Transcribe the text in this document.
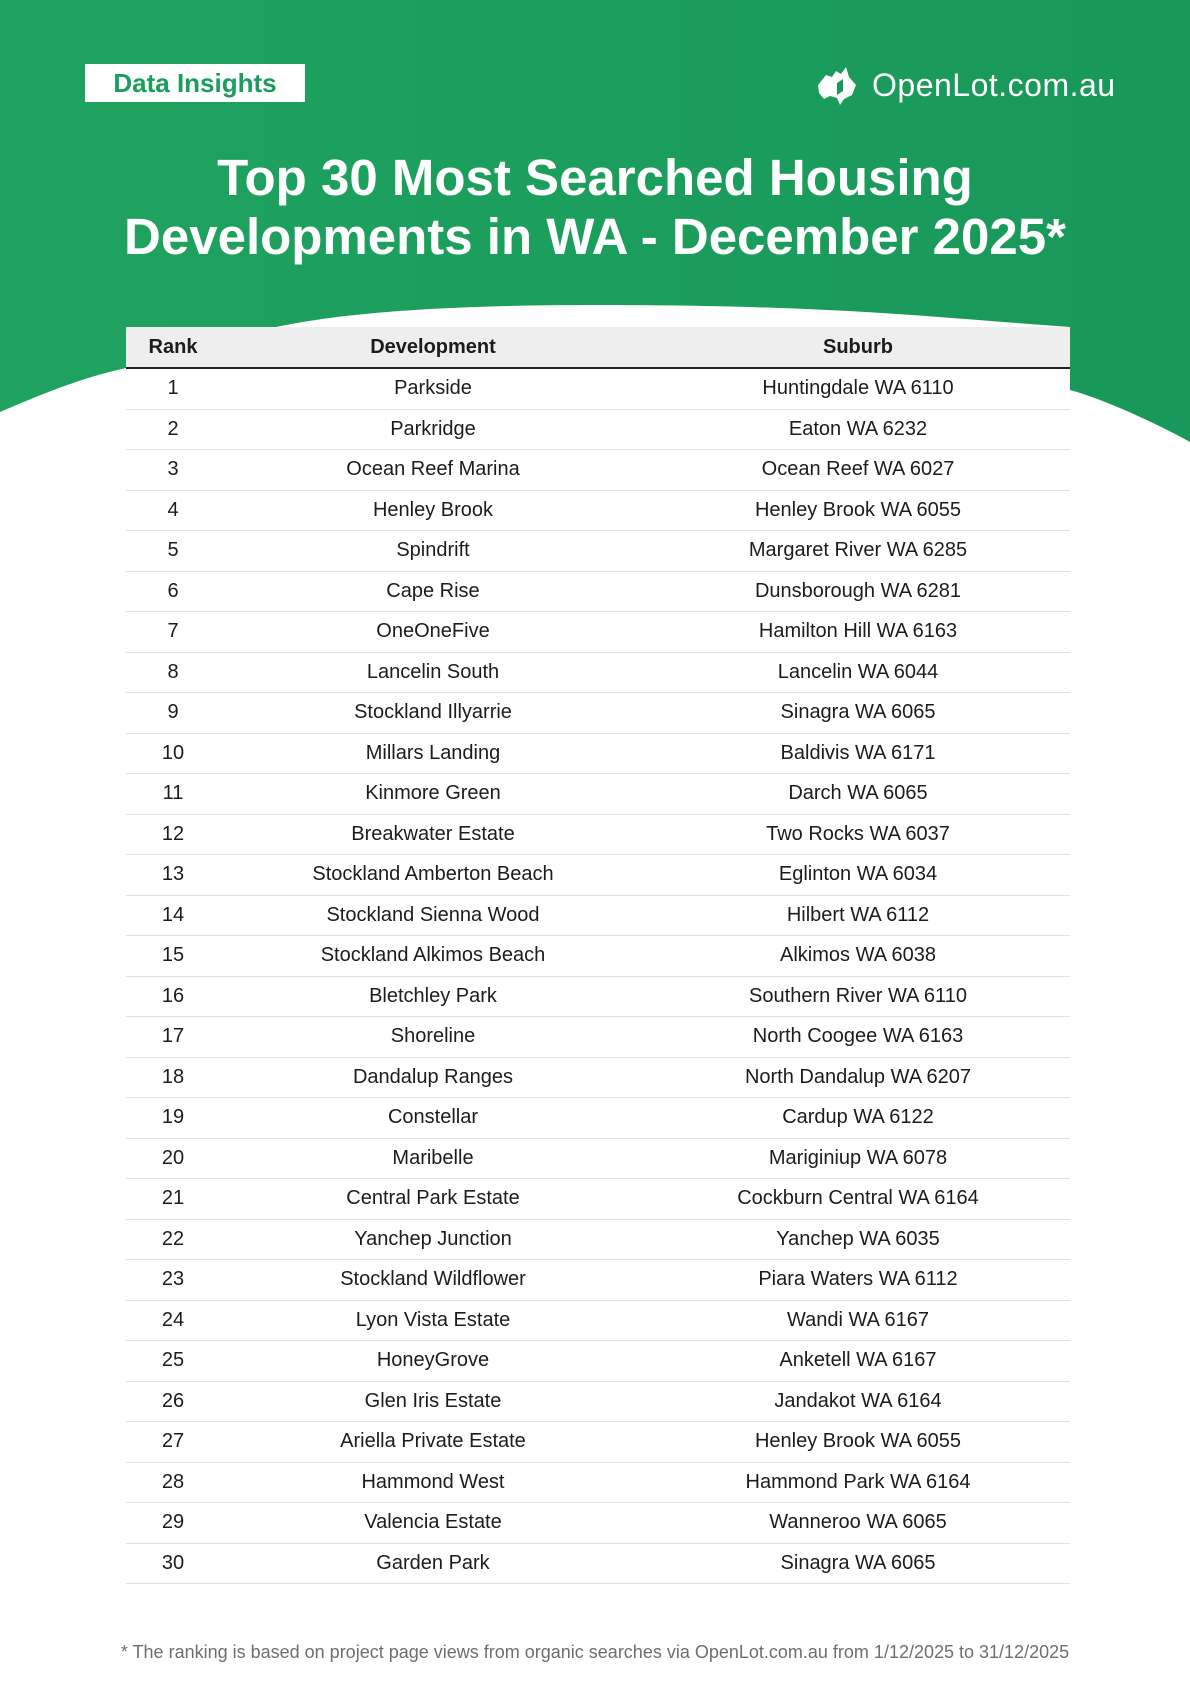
Data Insights	OpenLot.com.au
Top 30 Most Searched Housing
Developments in WA - December 2025*
Rank	Development	Suburb
1	Parkside	Huntingdale WA 6110
2	Parkridge	Eaton WA 6232
3	Ocean Reef Marina	Ocean Reef WA 6027
4	Henley Brook	Henley Brook WA 6055
5	Spindrift	Margaret River WA 6285
6	Cape Rise	Dunsborough WA 6281
7	OneOneFive	Hamilton Hill WA 6163
8	Lancelin South	Lancelin WA 6044
9	Stockland Illyarrie	Sinagra WA 6065
10	Millars Landing	Baldivis WA 6171
11	Kinmore Green	Darch WA 6065
12	Breakwater Estate	Two Rocks WA 6037
13	Stockland Amberton Beach	Eglinton WA 6034
14	Stockland Sienna Wood	Hilbert WA 6112
15	Stockland Alkimos Beach	Alkimos WA 6038
16	Bletchley Park	Southern River WA 6110
17	Shoreline	North Coogee WA 6163
18	Dandalup Ranges	North Dandalup WA 6207
19	Constellar	Cardup WA 6122
20	Maribelle	Mariginiup WA 6078
21	Central Park Estate	Cockburn Central WA 6164
22	Yanchep Junction	Yanchep WA 6035
23	Stockland Wildflower	Piara Waters WA 6112
24	Lyon Vista Estate	Wandi WA 6167
25	HoneyGrove	Anketell WA 6167
26	Glen Iris Estate	Jandakot WA 6164
27	Ariella Private Estate	Henley Brook WA 6055
28	Hammond West	Hammond Park WA 6164
29	Valencia Estate	Wanneroo WA 6065
30	Garden Park	Sinagra WA 6065
* The ranking is based on project page views from organic searches via OpenLot.com.au from 1/12/2025 to 31/12/2025
